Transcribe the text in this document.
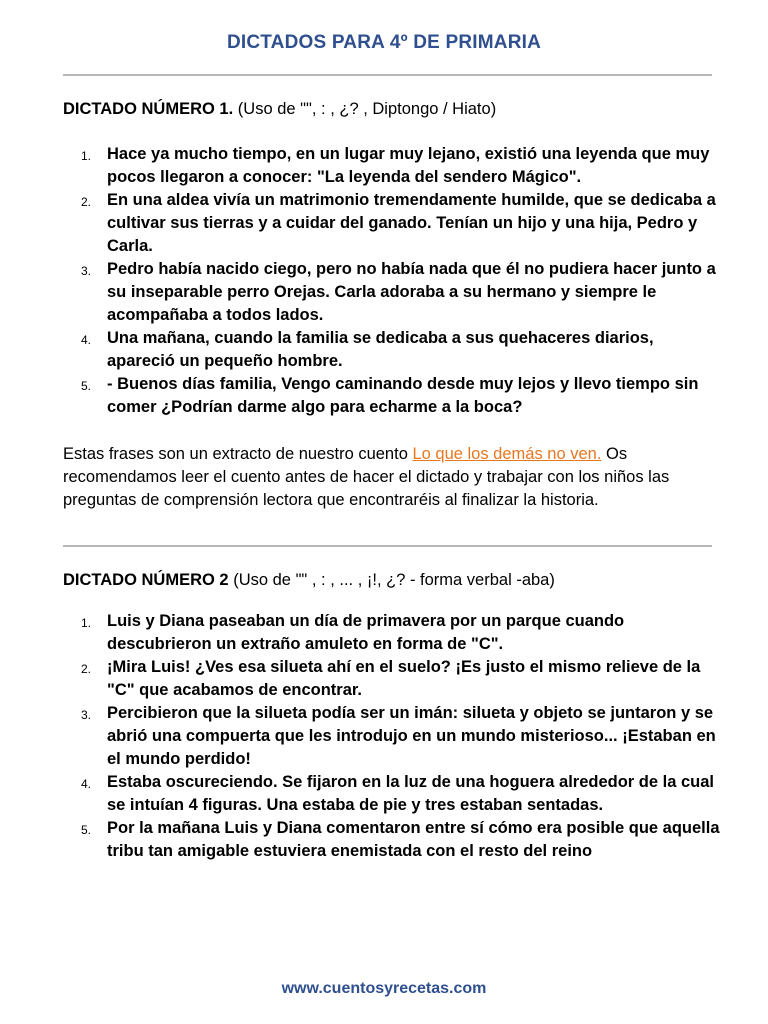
DICTADOS PARA 4º DE PRIMARIA
DICTADO NÚMERO 1. (Uso de "", : , ¿? , Diptongo / Hiato)
1. Hace ya mucho tiempo, en un lugar muy lejano, existió una leyenda que muy pocos llegaron a conocer: "La leyenda del sendero Mágico".
2. En una aldea vivía un matrimonio tremendamente humilde, que se dedicaba a cultivar sus tierras y a cuidar del ganado. Tenían un hijo y una hija, Pedro y Carla.
3. Pedro había nacido ciego, pero no había nada que él no pudiera hacer junto a su inseparable perro Orejas. Carla adoraba a su hermano y siempre le acompañaba a todos lados.
4. Una mañana, cuando la familia se dedicaba a sus quehaceres diarios, apareció un pequeño hombre.
5. - Buenos días familia, Vengo caminando desde muy lejos y llevo tiempo sin comer ¿Podrían darme algo para echarme a la boca?
Estas frases son un extracto de nuestro cuento Lo que los demás no ven. Os recomendamos leer el cuento antes de hacer el dictado y trabajar con los niños las preguntas de comprensión lectora que encontraréis al finalizar la historia.
DICTADO NÚMERO 2 (Uso de "" , : , ... , ¡!, ¿? - forma verbal -aba)
1. Luis y Diana paseaban un día de primavera por un parque cuando descubrieron un extraño amuleto en forma de "C".
2. ¡Mira Luis! ¿Ves esa silueta ahí en el suelo? ¡Es justo el mismo relieve de la "C" que acabamos de encontrar.
3. Percibieron que la silueta podía ser un imán: silueta y objeto se juntaron y se abrió una compuerta que les introdujo en un mundo misterioso... ¡Estaban en el mundo perdido!
4. Estaba oscureciendo. Se fijaron en la luz de una hoguera alrededor de la cual se intuían 4 figuras. Una estaba de pie y tres estaban sentadas.
5. Por la mañana Luis y Diana comentaron entre sí cómo era posible que aquella tribu tan amigable estuviera enemistada con el resto del reino
www.cuentosyrecetas.com
